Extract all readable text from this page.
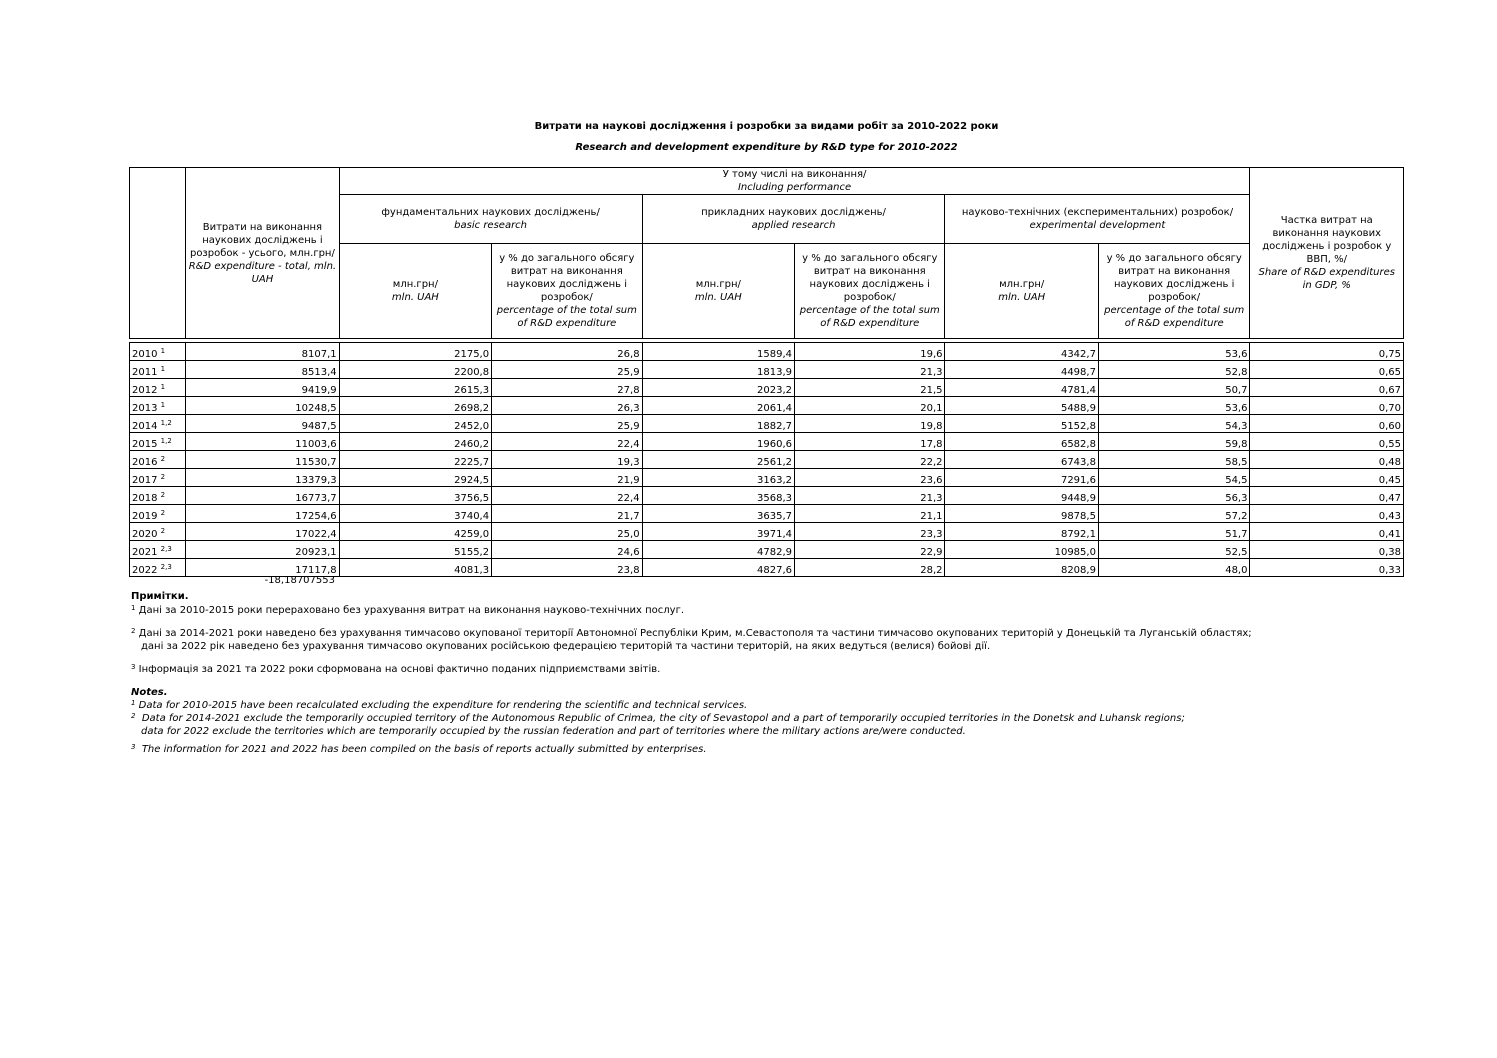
Витрати на наукові дослідження і розробки за видами робіт за 2010-2022 роки
Research and development expenditure by R&D type for 2010-2022

	Витрати на виконання наукових досліджень і розробок - усього, млн.грн/
R&D expenditure - total, mln. UAH	У тому числі на виконання/
Including performance						Частка витрат на виконання наукових досліджень і розробок у ВВП, %/
Share of R&D expenditures in GDP, %

		фундаментальних наукових досліджень/
basic research		прикладних наукових досліджень/
applied research		науково-технічних (експериментальних) розробок/
experimental development		

		млн.грн/
mln. UAH	у % до загального обсягу витрат на виконання наукових досліджень і розробок/
percentage of the total sum of R&D expenditure	млн.грн/
mln. UAH	у % до загального обсягу витрат на виконання наукових досліджень і розробок/
percentage of the total sum of R&D expenditure	млн.грн/
mln. UAH	у % до загального обсягу витрат на виконання наукових досліджень і розробок/
percentage of the total sum of R&D expenditure	

2010 $^1$	8107,1	2175,0	26,8	1589,4	19,6	4342,7	53,6	0,75
2011 $^1$	8513,4	2200,8	25,9	1813,9	21,3	4498,7	52,8	0,65
2012 $^1$	9419,9	2615,3	27,8	2023,2	21,5	4781,4	50,7	0,67
2013 $^1$	10248,5	2698,2	26,3	2061,4	20,1	5488,9	53,6	0,70
2014 $^{1,2}$	9487,5	2452,0	25,9	1882,7	19,8	5152,8	54,3	0,60
2015 $^{1,2}$	11003,6	2460,2	22,4	1960,6	17,8	6582,8	59,8	0,55
2016 $^2$	11530,7	2225,7	19,3	2561,2	22,2	6743,8	58,5	0,48
2017 $^2$	13379,3	2924,5	21,9	3163,2	23,6	7291,6	54,5	0,45
2018 $^2$	16773,7	3756,5	22,4	3568,3	21,3	9448,9	56,3	0,47
2019 $^2$	17254,6	3740,4	21,7	3635,7	21,1	9878,5	57,2	0,43
2020 $^2$	17022,4	4259,0	25,0	3971,4	23,3	8792,1	51,7	0,41
2021 $^{2,3}$	20923,1	5155,2	24,6	4782,9	22,9	10985,0	52,5	0,38
2022 $^{2,3}$	17117,8	4081,3	23,8	4827,6	28,2	8208,9	48,0	0,33
-18,18707553

Примітки.

$^1$ Дані за 2010-2015 роки перераховано без урахування витрат на виконання науково-технічних послуг.

$^2$ Дані за 2014-2021 роки наведено без урахування тимчасово окупованої території Автономної Республіки Крим, м.Севастополя та частини тимчасово окупованих територій у Донецькій та Луганській областях;

дані за 2022 рік наведено без урахування тимчасово окупованих російською федерацією територій та частини територій, на яких ведуться (велися) бойові дії.

$^3$ Інформація за 2021 та 2022 роки сформована на основі фактично поданих підприємствами звітів.

Notes.

$^1$ Data for 2010-2015 have been recalculated excluding the expenditure for rendering the scientific and technical services.

$^2$ Data for 2014-2021 exclude the temporarily occupied territory of the Autonomous Republic of Crimea, the city of Sevastopol and a part of temporarily occupied territories in the Donetsk and Luhansk regions;

data for 2022 exclude the territories which are temporarily occupied by the russian federation and part of territories where the military actions are/were conducted.

$^3$ The information for 2021 and 2022 has been compiled on the basis of reports actually submitted by enterprises.
